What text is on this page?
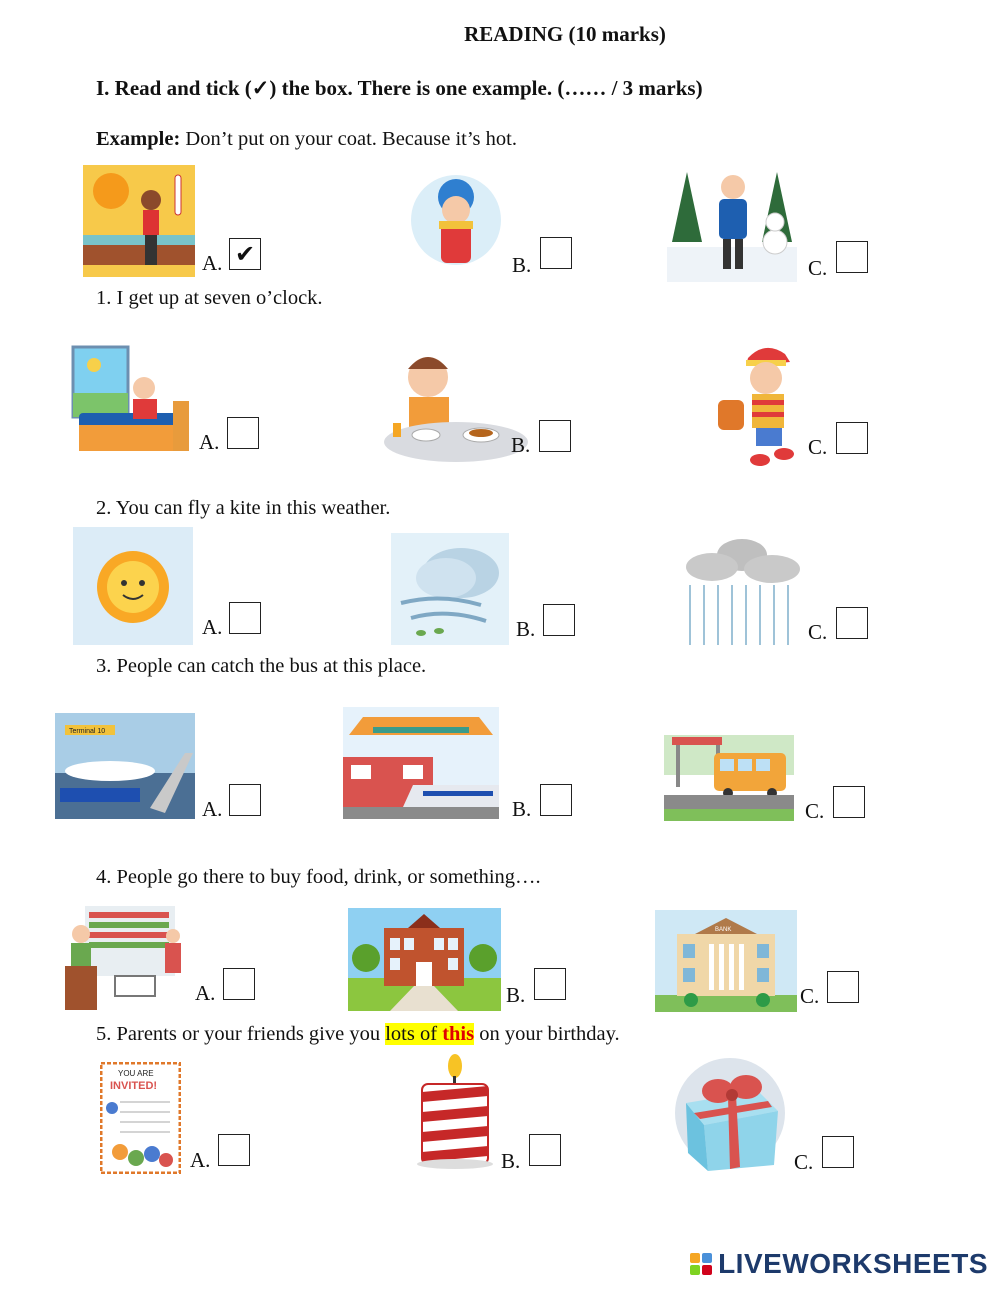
READING (10 marks)
I. Read and tick (✓) the box. There is one example. (…… / 3 marks)
Example: Don’t put on your coat. Because it’s hot.
A. ✔	B.	C.
1. I get up at seven o’clock.
A.	B.	C.
2. You can fly a kite in this weather.
A.	B.	C.
3. People can catch the bus at this place.
Terminal 10
A.	B.	C.
4. People go there to buy food, drink, or something….
A.	B.
BANK
C.
5. Parents or your friends give you lots of this on your birthday.
YOU ARE
INVITED!
A.	B.	C.
LIVEWORKSHEETS
